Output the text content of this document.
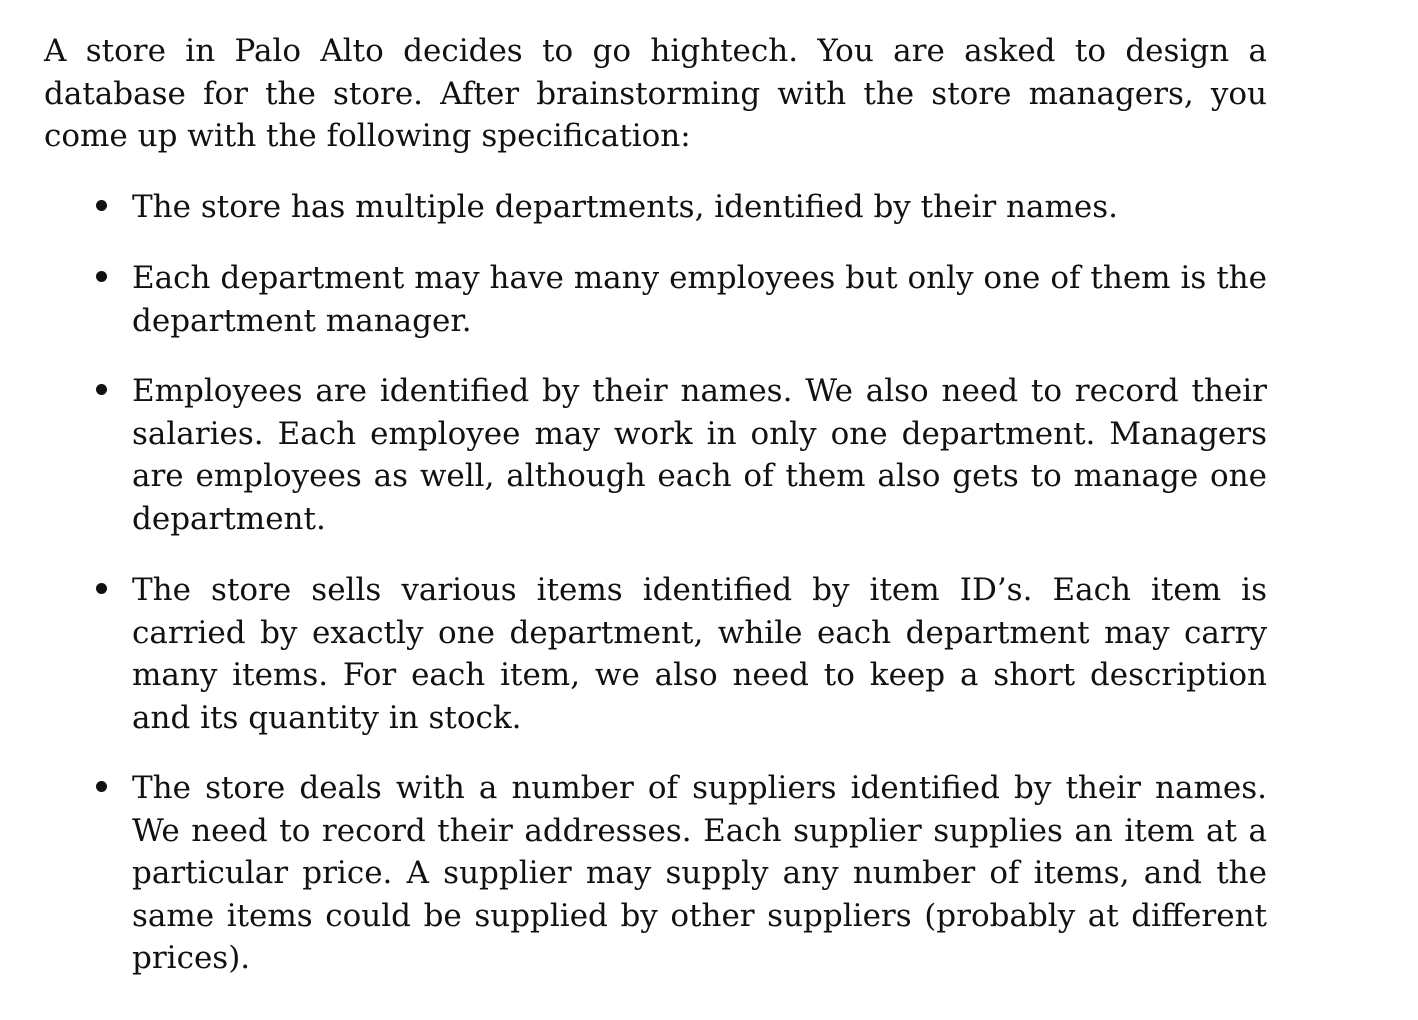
A store in Palo Alto decides to go hightech. You are asked to design a database for the store. After brainstorming with the store managers, you come up with the following specification:

The store has multiple departments, identified by their names.
Each department may have many employees but only one of them is the department manager.
Employees are identified by their names. We also need to record their salaries. Each employee may work in only one department. Managers are employees as well, although each of them also gets to manage one department.
The store sells various items identified by item ID’s. Each item is carried by exactly one department, while each department may carry many items. For each item, we also need to keep a short description and its quantity in stock.
The store deals with a number of suppliers identified by their names. We need to record their addresses. Each supplier supplies an item at a particular price. A supplier may supply any number of items, and the same items could be supplied by other suppliers (probably at different prices).
